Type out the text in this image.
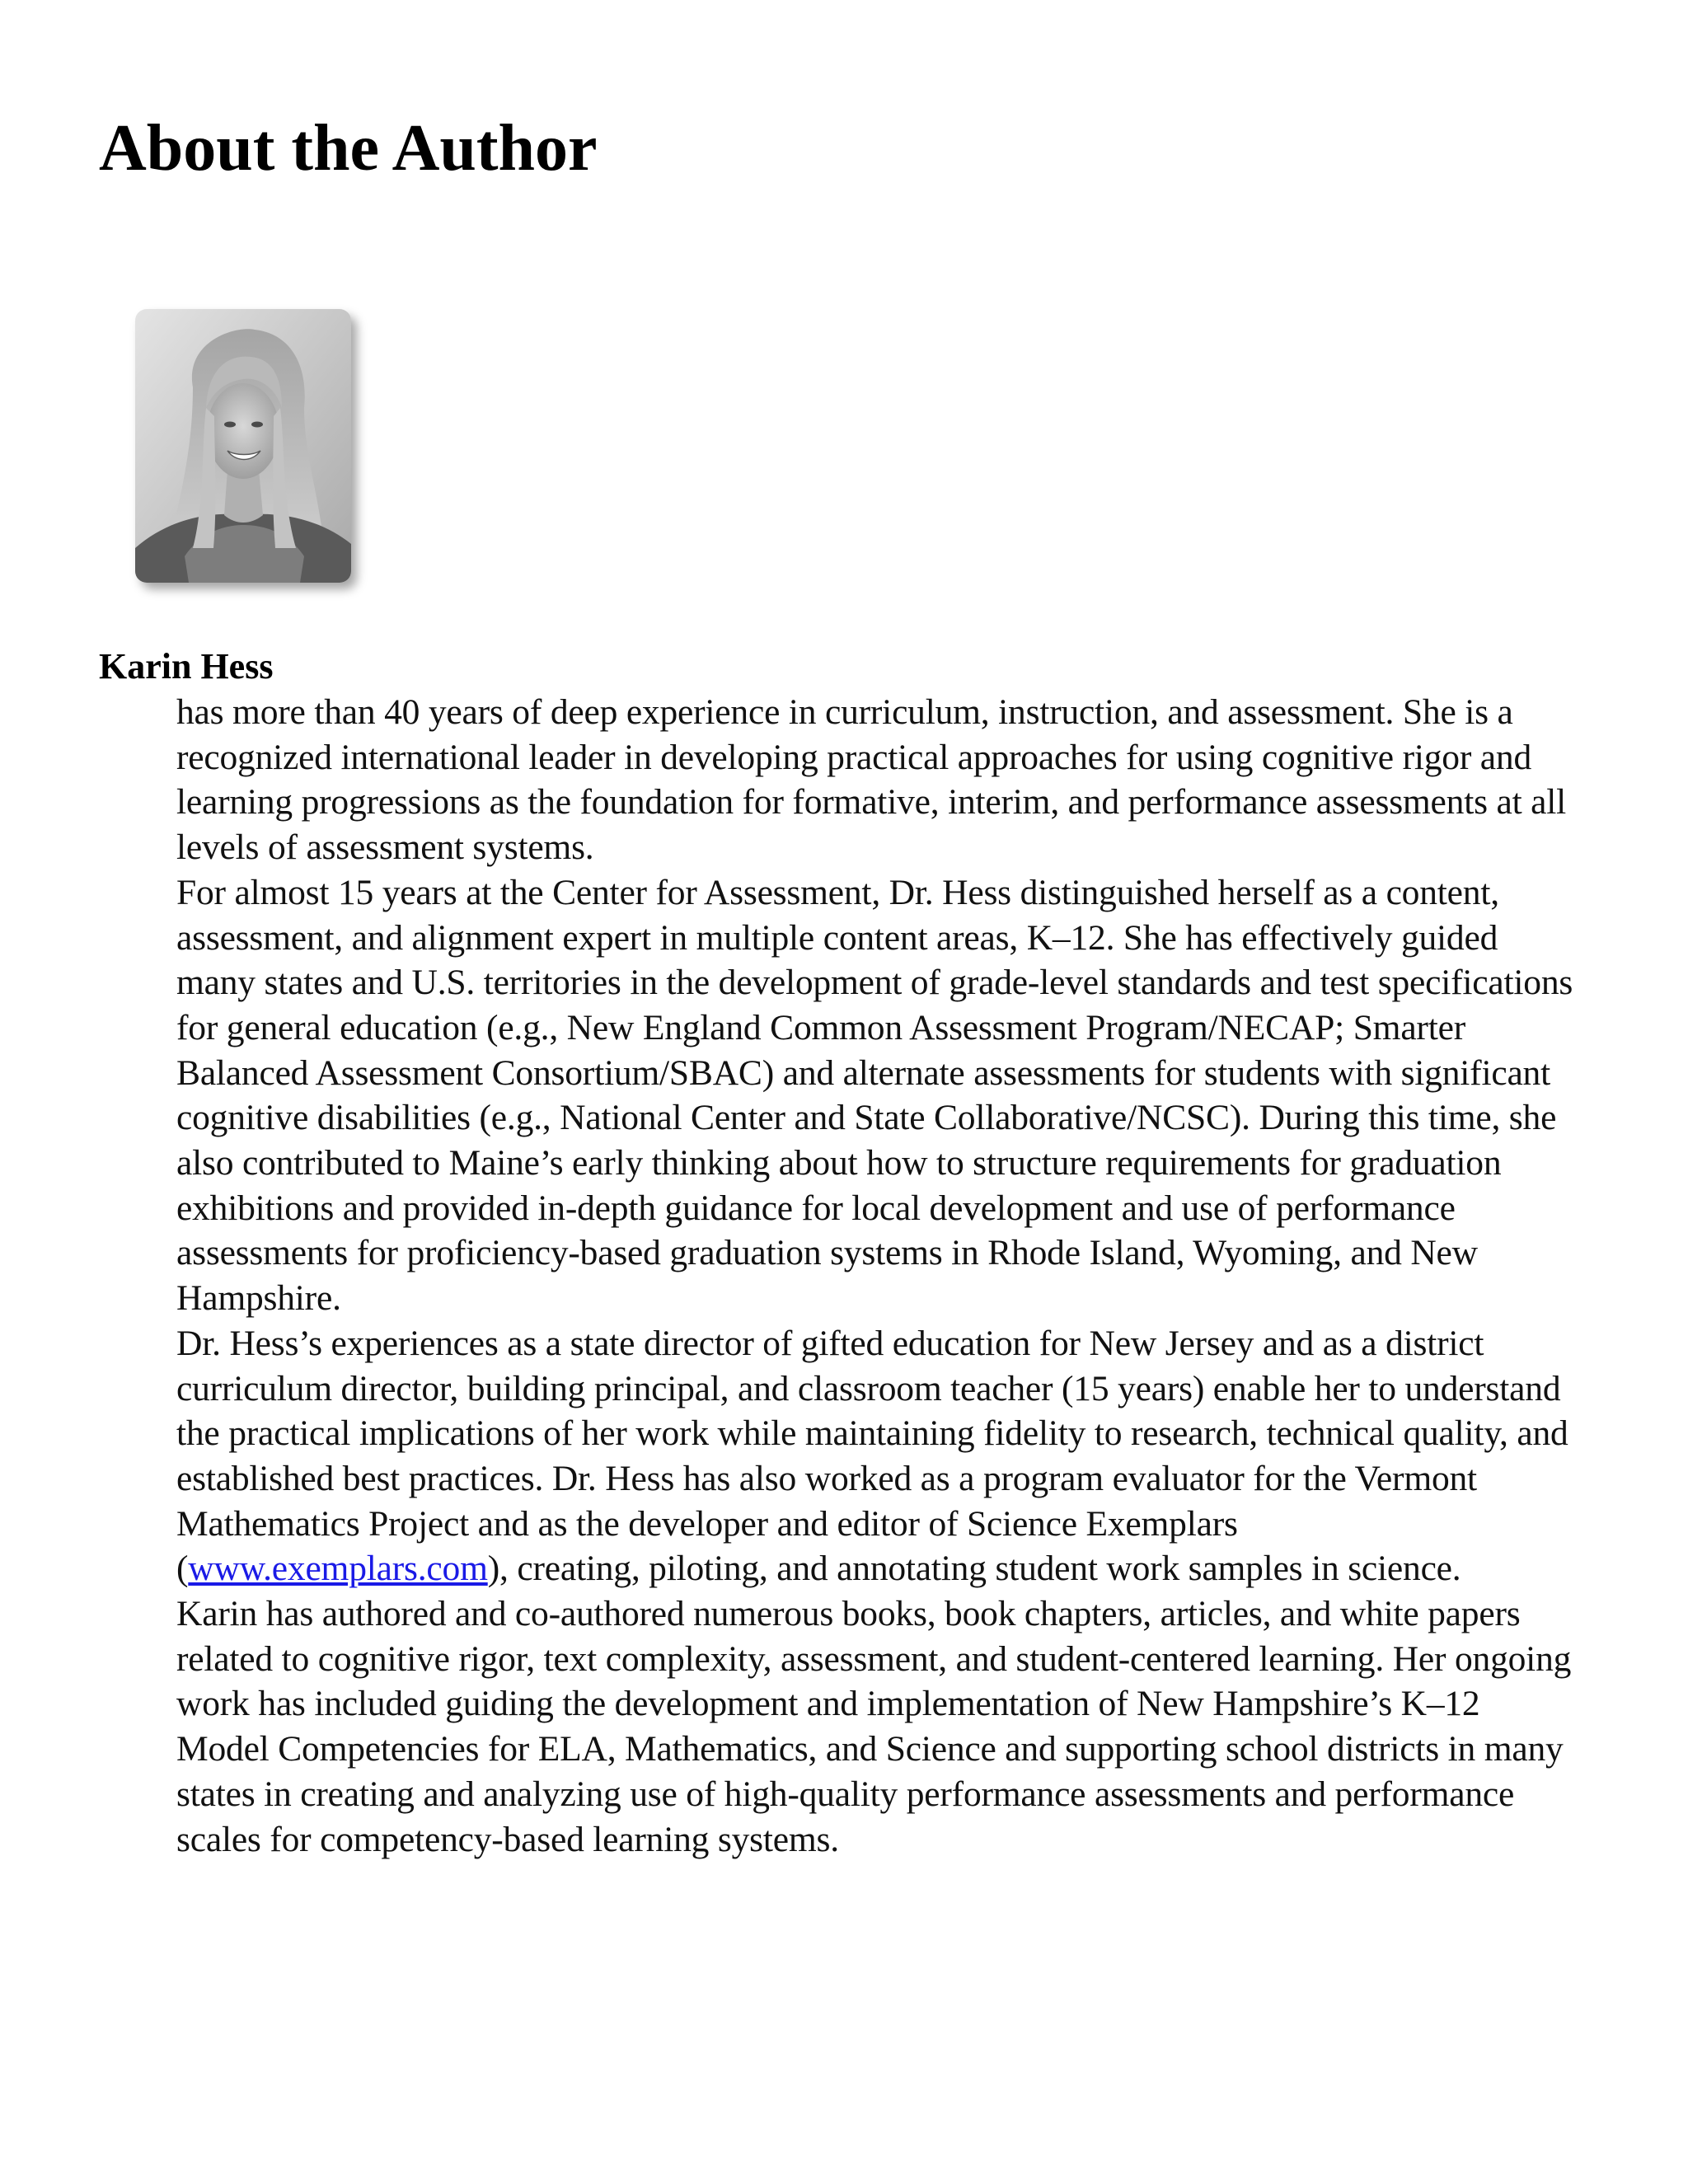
About the Author
Karin Hess

has more than 40 years of deep experience in curriculum, instruction, and assessment. She is a recognized international leader in developing practical approaches for using cognitive rigor and learning progressions as the foundation for formative, interim, and performance assessments at all levels of assessment systems.

For almost 15 years at the Center for Assessment, Dr. Hess distinguished herself as a content, assessment, and alignment expert in multiple content areas, K–12. She has effectively guided many states and U.S. territories in the development of grade-level standards and test specifications for general education (e.g., New England Common Assessment Program/NECAP; Smarter Balanced Assessment Consortium/SBAC) and alternate assessments for students with significant cognitive disabilities (e.g., National Center and State Collaborative/NCSC). During this time, she also contributed to Maine’s early thinking about how to structure requirements for graduation exhibitions and provided in-depth guidance for local development and use of performance assessments for proficiency-based graduation systems in Rhode Island, Wyoming, and New Hampshire.

Dr. Hess’s experiences as a state director of gifted education for New Jersey and as a district curriculum director, building principal, and classroom teacher (15 years) enable her to understand the practical implications of her work while maintaining fidelity to research, technical quality, and established best practices. Dr. Hess has also worked as a program evaluator for the Vermont Mathematics Project and as the developer and editor of Science Exemplars (www.exemplars.com), creating, piloting, and annotating student work samples in science.

Karin has authored and co-authored numerous books, book chapters, articles, and white papers related to cognitive rigor, text complexity, assessment, and student-centered learning. Her ongoing work has included guiding the development and implementation of New Hampshire’s K–12 Model Competencies for ELA, Mathematics, and Science and supporting school districts in many states in creating and analyzing use of high-quality performance assessments and performance scales for competency-based learning systems.
